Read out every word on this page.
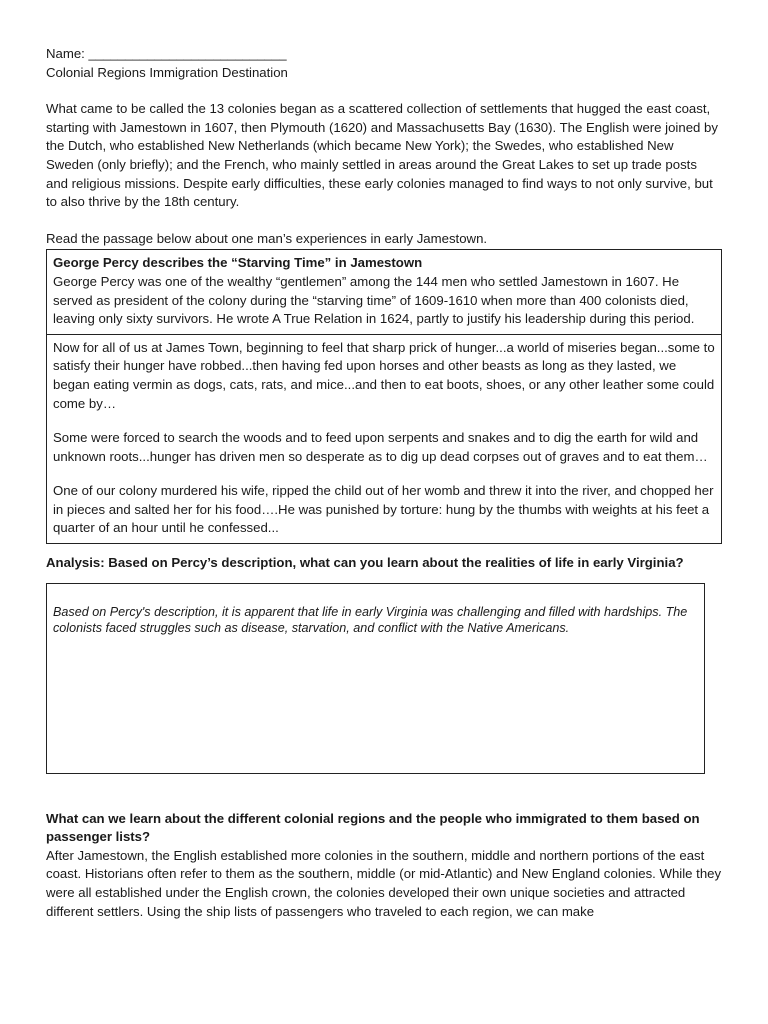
Name: ___________________________

Colonial Regions Immigration Destination

What came to be called the 13 colonies began as a scattered collection of settlements that hugged the east coast, starting with Jamestown in 1607, then Plymouth (1620) and Massachusetts Bay (1630). The English were joined by the Dutch, who established New Netherlands (which became New York); the Swedes, who established New Sweden (only briefly); and the French, who mainly settled in areas around the Great Lakes to set up trade posts and religious missions. Despite early difficulties, these early colonies managed to find ways to not only survive, but to also thrive by the 18th century.

Read the passage below about one man’s experiences in early Jamestown.

George Percy describes the “Starving Time” in Jamestown

George Percy was one of the wealthy “gentlemen” among the 144 men who settled Jamestown in 1607. He served as president of the colony during the “starving time” of 1609-1610 when more than 400 colonists died, leaving only sixty survivors. He wrote A True Relation in 1624, partly to justify his leadership during this period.

Now for all of us at James Town, beginning to feel that sharp prick of hunger...a world of miseries began...some to satisfy their hunger have robbed...then having fed upon horses and other beasts as long as they lasted, we began eating vermin as dogs, cats, rats, and mice...and then to eat boots, shoes, or any other leather some could come by…

Some were forced to search the woods and to feed upon serpents and snakes and to dig the earth for wild and unknown roots...hunger has driven men so desperate as to dig up dead corpses out of graves and to eat them…

One of our colony murdered his wife, ripped the child out of her womb and threw it into the river, and chopped her in pieces and salted her for his food….He was punished by torture: hung by the thumbs with weights at his feet a quarter of an hour until he confessed...

Analysis: Based on Percy’s description, what can you learn about the realities of life in early Virginia?

Based on Percy's description, it is apparent that life in early Virginia was challenging and filled with hardships. The colonists faced struggles such as disease, starvation, and conflict with the Native Americans.

What can we learn about the different colonial regions and the people who immigrated to them based on passenger lists?

After Jamestown, the English established more colonies in the southern, middle and northern portions of the east coast. Historians often refer to them as the southern, middle (or mid-Atlantic) and New England colonies. While they were all established under the English crown, the colonies developed their own unique societies and attracted different settlers. Using the ship lists of passengers who traveled to each region, we can make
